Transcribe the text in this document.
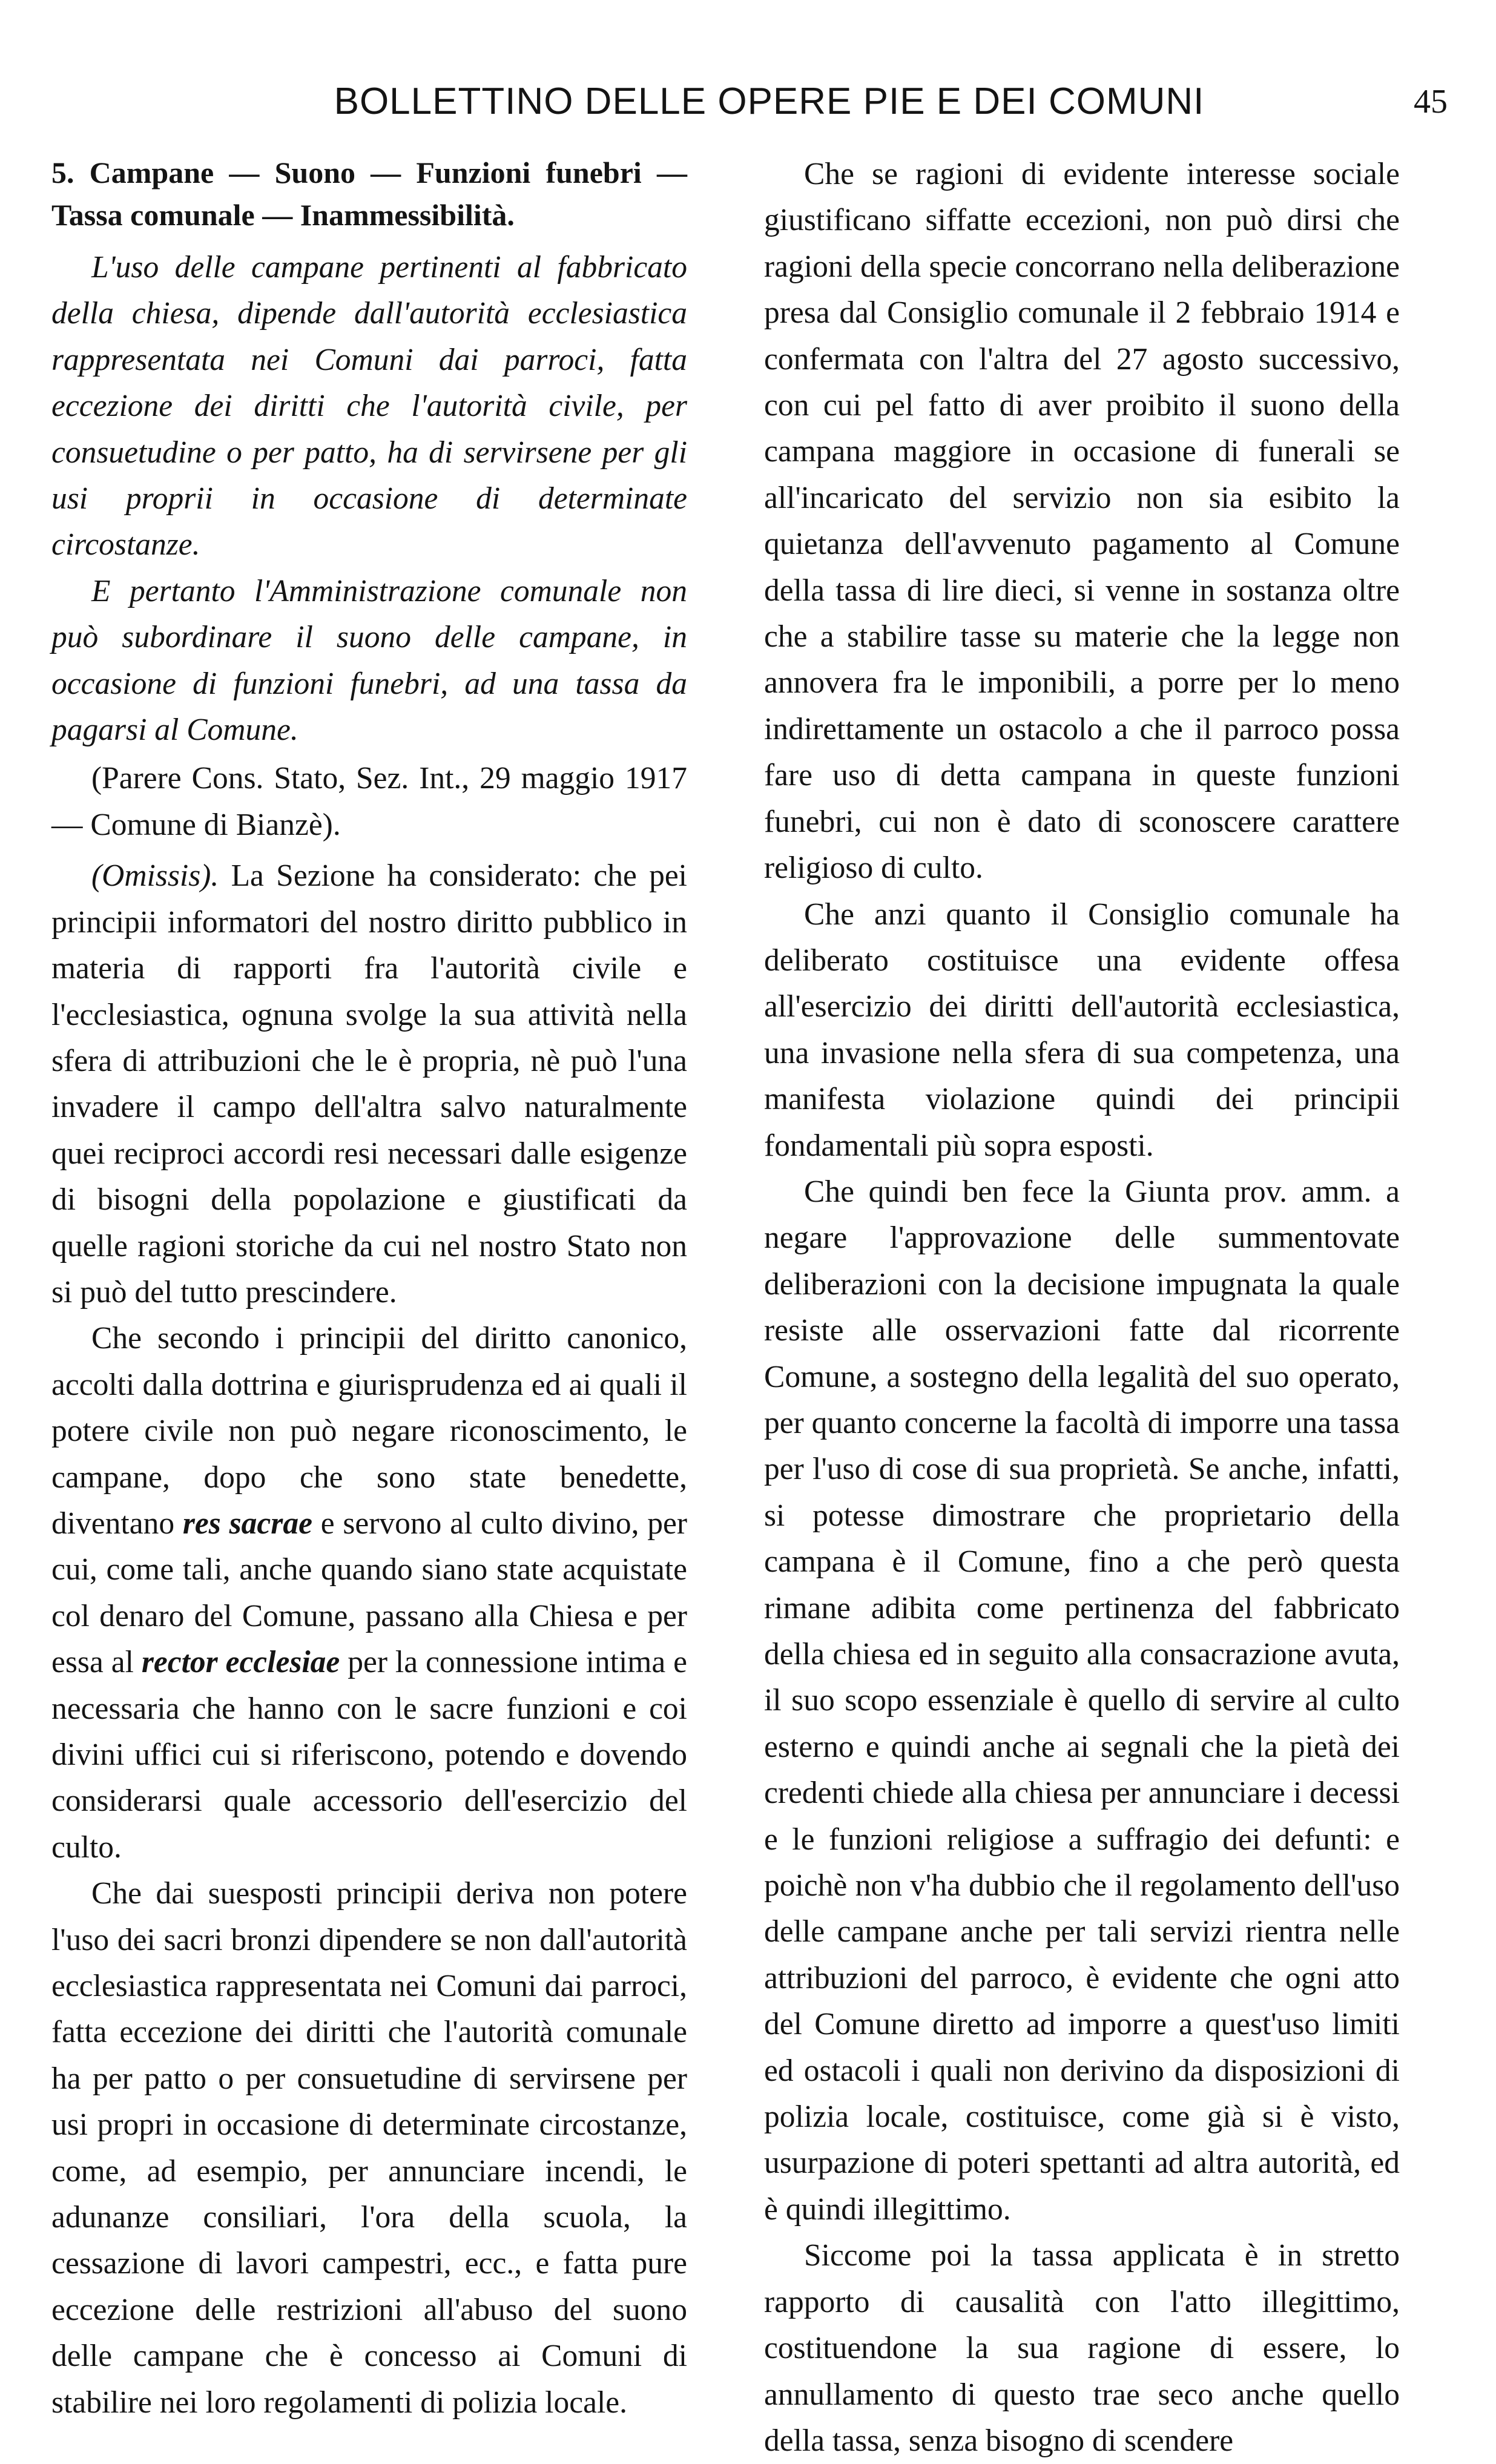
BOLLETTINO DELLE OPERE PIE E DEI COMUNI	45

5. Campane — Suono — Funzioni funebri — Tassa comunale — Inammessibilità.

L'uso delle campane pertinenti al fabbricato della chiesa, dipende dall'autorità ecclesiastica rappresentata nei Comuni dai parroci, fatta eccezione dei diritti che l'autorità civile, per consuetudine o per patto, ha di servirsene per gli usi proprii in occasione di determinate circostanze.

E pertanto l'Amministrazione comunale non può subordinare il suono delle campane, in occasione di funzioni funebri, ad una tassa da pagarsi al Comune.

(Parere Cons. Stato, Sez. Int., 29 maggio 1917 — Comune di Bianzè).

(Omissis). La Sezione ha considerato: che pei principii informatori del nostro diritto pubblico in materia di rapporti fra l'autorità civile e l'ecclesiastica, ognuna svolge la sua attività nella sfera di attribuzioni che le è propria, nè può l'una invadere il campo dell'altra salvo naturalmente quei reciproci accordi resi necessari dalle esigenze di bisogni della popolazione e giustificati da quelle ragioni storiche da cui nel nostro Stato non si può del tutto prescindere.

Che secondo i principii del diritto canonico, accolti dalla dottrina e giurisprudenza ed ai quali il potere civile non può negare riconoscimento, le campane, dopo che sono state benedette, diventano res sacrae e servono al culto divino, per cui, come tali, anche quando siano state acquistate col denaro del Comune, passano alla Chiesa e per essa al rector ecclesiae per la connessione intima e necessaria che hanno con le sacre funzioni e coi divini uffici cui si riferiscono, potendo e dovendo considerarsi quale accessorio dell'esercizio del culto.

Che dai suesposti principii deriva non potere l'uso dei sacri bronzi dipendere se non dall'autorità ecclesiastica rappresentata nei Comuni dai parroci, fatta eccezione dei diritti che l'autorità comunale ha per patto o per consuetudine di servirsene per usi propri in occasione di determinate circostanze, come, ad esempio, per annunciare incendi, le adunanze consiliari, l'ora della scuola, la cessazione di lavori campestri, ecc., e fatta pure eccezione delle restrizioni all'abuso del suono delle campane che è concesso ai Comuni di stabilire nei loro regolamenti di polizia locale.

Che se ragioni di evidente interesse sociale giustificano siffatte eccezioni, non può dirsi che ragioni della specie concorrano nella deliberazione presa dal Consiglio comunale il 2 febbraio 1914 e confermata con l'altra del 27 agosto successivo, con cui pel fatto di aver proibito il suono della campana maggiore in occasione di funerali se all'incaricato del servizio non sia esibito la quietanza dell'avvenuto pagamento al Comune della tassa di lire dieci, si venne in sostanza oltre che a stabilire tasse su materie che la legge non annovera fra le imponibili, a porre per lo meno indirettamente un ostacolo a che il parroco possa fare uso di detta campana in queste funzioni funebri, cui non è dato di sconoscere carattere religioso di culto.

Che anzi quanto il Consiglio comunale ha deliberato costituisce una evidente offesa all'esercizio dei diritti dell'autorità ecclesiastica, una invasione nella sfera di sua competenza, una manifesta violazione quindi dei principii fondamentali più sopra esposti.

Che quindi ben fece la Giunta prov. amm. a negare l'approvazione delle summentovate deliberazioni con la decisione impugnata la quale resiste alle osservazioni fatte dal ricorrente Comune, a sostegno della legalità del suo operato, per quanto concerne la facoltà di imporre una tassa per l'uso di cose di sua proprietà. Se anche, infatti, si potesse dimostrare che proprietario della campana è il Comune, fino a che però questa rimane adibita come pertinenza del fabbricato della chiesa ed in seguito alla consacrazione avuta, il suo scopo essenziale è quello di servire al culto esterno e quindi anche ai segnali che la pietà dei credenti chiede alla chiesa per annunciare i decessi e le funzioni religiose a suffragio dei defunti: e poichè non v'ha dubbio che il regolamento dell'uso delle campane anche per tali servizi rientra nelle attribuzioni del parroco, è evidente che ogni atto del Comune diretto ad imporre a quest'uso limiti ed ostacoli i quali non derivino da disposizioni di polizia locale, costituisce, come già si è visto, usurpazione di poteri spettanti ad altra autorità, ed è quindi illegittimo.

Siccome poi la tassa applicata è in stretto rapporto di causalità con l'atto illegittimo, costituendone la sua ragione di essere, lo annullamento di questo trae seco anche quello della tassa, senza bisogno di scendere
